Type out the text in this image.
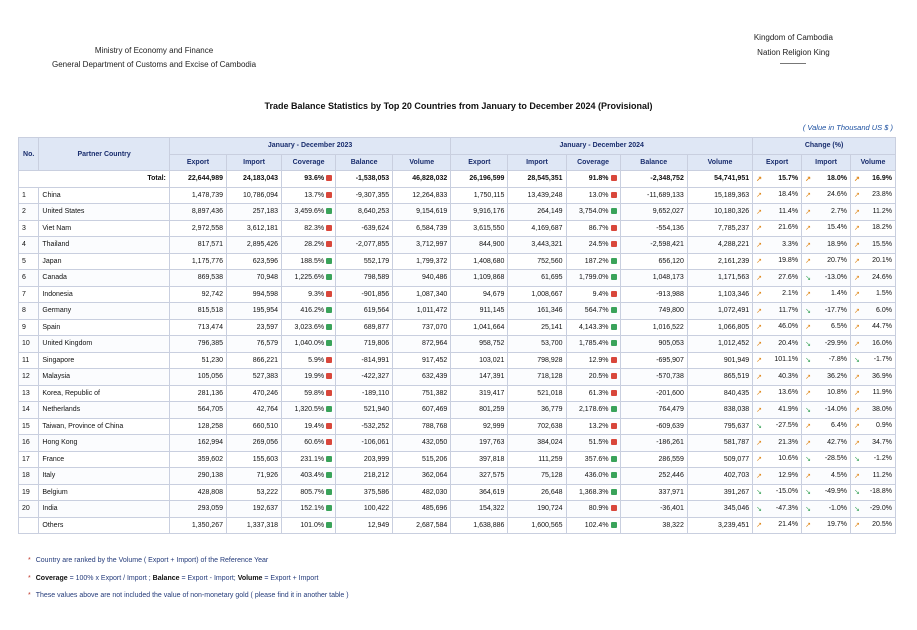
Ministry of Economy and Finance
General Department of Customs and Excise of Cambodia
Kingdom of Cambodia
Nation Religion King
Trade Balance Statistics by Top 20 Countries from January to December 2024 (Provisional)
( Value in Thousand US $ )
No.	Partner Country	January - December 2023					January - December 2024					Change (%)		
		Export	Import	Coverage	Balance	Volume	Export	Import	Coverage	Balance	Volume	Export	Import	Volume
Total:		22,644,989	24,183,043	93.6%	-1,538,053	46,828,032	26,196,599	28,545,351	91.8%	-2,348,752	54,741,951	↗ 15.7%	↗ 18.0%	↗ 16.9%
1	China	1,478,739	10,786,094	13.7%	-9,307,355	12,264,833	1,750,115	13,439,248	13.0%	-11,689,133	15,189,363	↗ 18.4%	↗ 24.6%	↗ 23.8%
2	United States	8,897,436	257,183	3,459.6%	8,640,253	9,154,619	9,916,176	264,149	3,754.0%	9,652,027	10,180,326	↗ 11.4%	↗ 2.7%	↗ 11.2%
3	Viet Nam	2,972,558	3,612,181	82.3%	-639,624	6,584,739	3,615,550	4,169,687	86.7%	-554,136	7,785,237	↗ 21.6%	↗ 15.4%	↗ 18.2%
4	Thailand	817,571	2,895,426	28.2%	-2,077,855	3,712,997	844,900	3,443,321	24.5%	-2,598,421	4,288,221	↗ 3.3%	↗ 18.9%	↗ 15.5%
5	Japan	1,175,776	623,596	188.5%	552,179	1,799,372	1,408,680	752,560	187.2%	656,120	2,161,239	↗ 19.8%	↗ 20.7%	↗ 20.1%
6	Canada	869,538	70,948	1,225.6%	798,589	940,486	1,109,868	61,695	1,799.0%	1,048,173	1,171,563	↗ 27.6%	↘ -13.0%	↗ 24.6%
7	Indonesia	92,742	994,598	9.3%	-901,856	1,087,340	94,679	1,008,667	9.4%	-913,988	1,103,346	↗ 2.1%	↗ 1.4%	↗ 1.5%
8	Germany	815,518	195,954	416.2%	619,564	1,011,472	911,145	161,346	564.7%	749,800	1,072,491	↗ 11.7%	↘ -17.7%	↗ 6.0%
9	Spain	713,474	23,597	3,023.6%	689,877	737,070	1,041,664	25,141	4,143.3%	1,016,522	1,066,805	↗ 46.0%	↗ 6.5%	↗ 44.7%
10	United Kingdom	796,385	76,579	1,040.0%	719,806	872,964	958,752	53,700	1,785.4%	905,053	1,012,452	↗ 20.4%	↘ -29.9%	↗ 16.0%
11	Singapore	51,230	866,221	5.9%	-814,991	917,452	103,021	798,928	12.9%	-695,907	901,949	↗ 101.1%	↘ -7.8%	↘ -1.7%
12	Malaysia	105,056	527,383	19.9%	-422,327	632,439	147,391	718,128	20.5%	-570,738	865,519	↗ 40.3%	↗ 36.2%	↗ 36.9%
13	Korea, Republic of	281,136	470,246	59.8%	-189,110	751,382	319,417	521,018	61.3%	-201,600	840,435	↗ 13.6%	↗ 10.8%	↗ 11.9%
14	Netherlands	564,705	42,764	1,320.5%	521,940	607,469	801,259	36,779	2,178.6%	764,479	838,038	↗ 41.9%	↘ -14.0%	↗ 38.0%
15	Taiwan, Province of China	128,258	660,510	19.4%	-532,252	788,768	92,999	702,638	13.2%	-609,639	795,637	↘ -27.5%	↗ 6.4%	↗ 0.9%
16	Hong Kong	162,994	269,056	60.6%	-106,061	432,050	197,763	384,024	51.5%	-186,261	581,787	↗ 21.3%	↗ 42.7%	↗ 34.7%
17	France	359,602	155,603	231.1%	203,999	515,206	397,818	111,259	357.6%	286,559	509,077	↗ 10.6%	↘ -28.5%	↘ -1.2%
18	Italy	290,138	71,926	403.4%	218,212	362,064	327,575	75,128	436.0%	252,446	402,703	↗ 12.9%	↗ 4.5%	↗ 11.2%
19	Belgium	428,808	53,222	805.7%	375,586	482,030	364,619	26,648	1,368.3%	337,971	391,267	↘ -15.0%	↘ -49.9%	↘ -18.8%
20	India	293,059	192,637	152.1%	100,422	485,696	154,322	190,724	80.9%	-36,401	345,046	↘ -47.3%	↘ -1.0%	↘ -29.0%
	Others	1,350,267	1,337,318	101.0%	12,949	2,687,584	1,638,886	1,600,565	102.4%	38,322	3,239,451	↗ 21.4%	↗ 19.7%	↗ 20.5%
* Country are ranked by the Volume ( Export + Import) of the Reference Year
* Coverage = 100% x Export / Import ; Balance = Export - Import; Volume = Export + Import
* These values above are not included the value of non-monetary gold ( please find it in another table )
